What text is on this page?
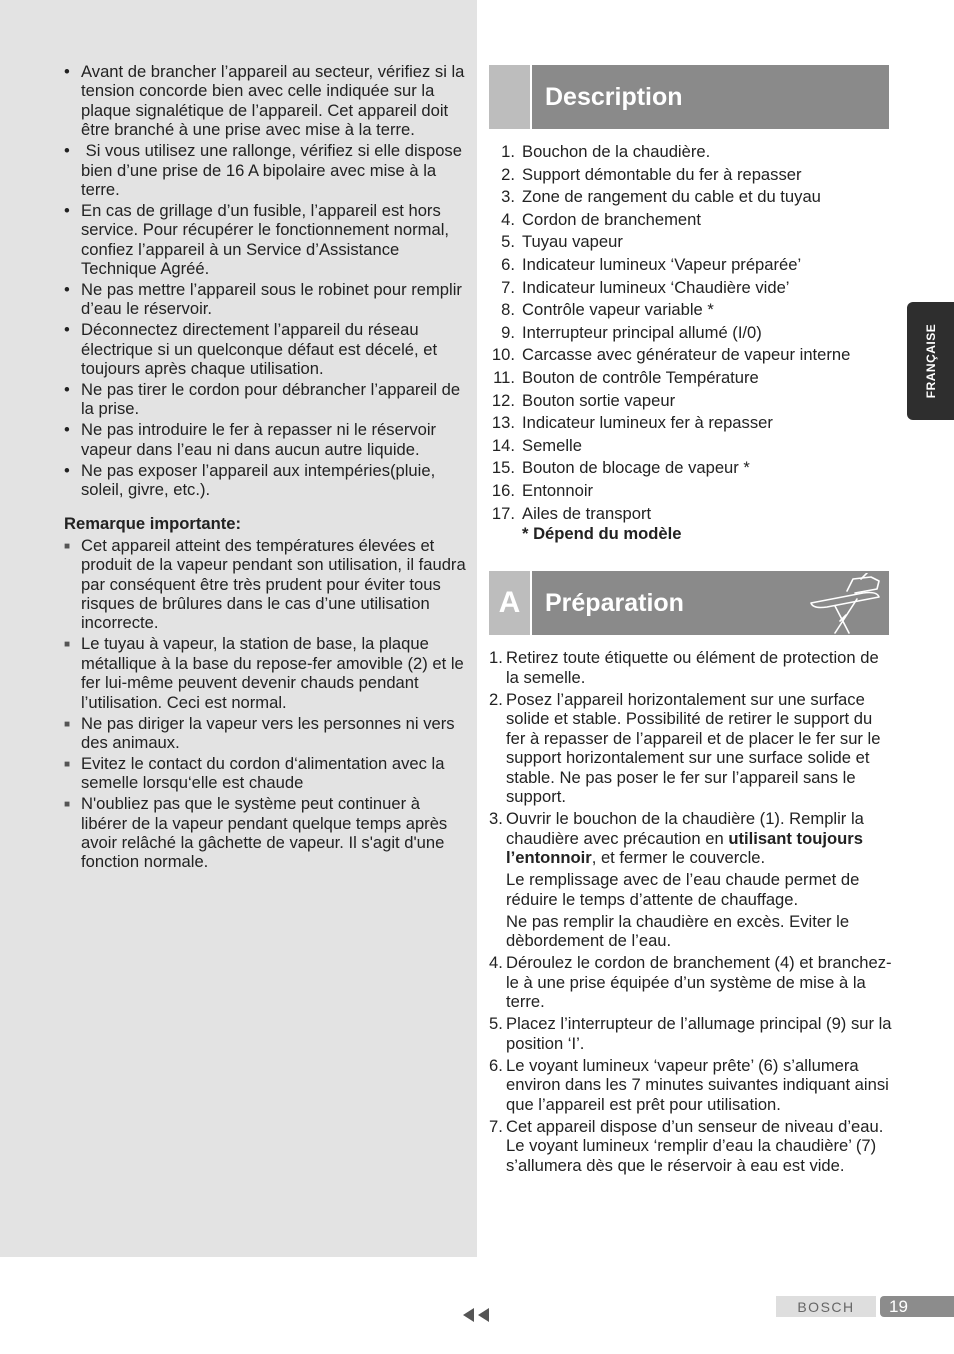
• Avant de brancher l’appareil au secteur, vérifiez si la tension concorde bien avec celle indiquée sur la plaque signalétique de l’appareil. Cet appareil doit être branché à une prise avec mise à la terre.
• Si vous utilisez une rallonge, vérifiez si elle dispose bien d’une prise de 16 A bipolaire avec mise à la terre.
• En cas de grillage d’un fusible, l’appareil est hors service. Pour récupérer le fonctionnement normal, confiez l’appareil à un Service d’Assistance Technique Agréé.
• Ne pas mettre l’appareil sous le robinet pour remplir d’eau le réservoir.
• Déconnectez directement l’appareil du réseau électrique si un quelconque défaut est décelé, et toujours après chaque utilisation.
• Ne pas tirer le cordon pour débrancher l’appareil de la prise.
• Ne pas introduire le fer à repasser ni le réservoir vapeur dans l’eau ni dans aucun autre liquide.
• Ne pas exposer l’appareil aux intempéries(pluie, soleil, givre, etc.).
Remarque importante:
■ Cet appareil atteint des températures élevées et produit de la vapeur pendant son utilisation, il faudra par conséquent être très prudent pour éviter tous risques de brûlures dans le cas d’une utilisation incorrecte.
■ Le tuyau à vapeur, la station de base, la plaque métallique à la base du repose-fer amovible (2) et le fer lui-même peuvent devenir chauds pendant l’utilisation. Ceci est normal.
■ Ne pas diriger la vapeur vers les personnes ni vers des animaux.
■ Evitez le contact du cordon d‘alimentation avec la semelle lorsqu‘elle est chaude
■ N'oubliez pas que le système peut continuer à libérer de la vapeur pendant quelque temps après avoir relâché la gâchette de vapeur. Il s'agit d'une fonction normale.
Description
1. Bouchon de la chaudière.
2. Support démontable du fer à repasser
3. Zone de rangement du cable et du tuyau
4. Cordon de branchement
5. Tuyau vapeur
6. Indicateur lumineux ‘Vapeur préparée’
7. Indicateur lumineux ‘Chaudière vide’
8. Contrôle vapeur variable *
9. Interrupteur principal allumé (I/0)
10. Carcasse avec générateur de vapeur interne
11. Bouton de contrôle Température
12. Bouton sortie vapeur
13. Indicateur lumineux fer à repasser
14. Semelle
15. Bouton de blocage de vapeur *
16. Entonnoir
17. Ailes de transport
* Dépend du modèle
A Préparation
1. Retirez toute étiquette ou élément de protection de la semelle.
2. Posez l’appareil horizontalement sur une surface solide et stable. Possibilité de retirer le support du fer à repasser de l’appareil et de placer le fer sur le support horizontalement sur une surface solide et stable. Ne pas poser le fer sur l’appareil sans le support.
3. Ouvrir le bouchon de la chaudière (1). Remplir la chaudière avec précaution en utilisant toujours l’entonnoir, et fermer le couvercle.
Le remplissage avec de l’eau chaude permet de réduire le temps d’attente de chauffage.
Ne pas remplir la chaudière en excès. Eviter le dèbordement de l’eau.
4. Déroulez le cordon de branchement (4) et branchez-le à une prise équipée d’un système de mise à la terre.
5. Placez l’interrupteur de l’allumage principal (9) sur la position ‘I’.
6. Le voyant lumineux ‘vapeur prête’ (6) s’allumera environ dans les 7 minutes suivantes indiquant ainsi que l’appareil est prêt pour utilisation.
7. Cet appareil dispose d’un senseur de niveau d’eau. Le voyant lumineux ‘remplir d’eau la chaudière’ (7) s’allumera dès que le réservoir à eau est vide.
FRANÇAISE
BOSCH	19
